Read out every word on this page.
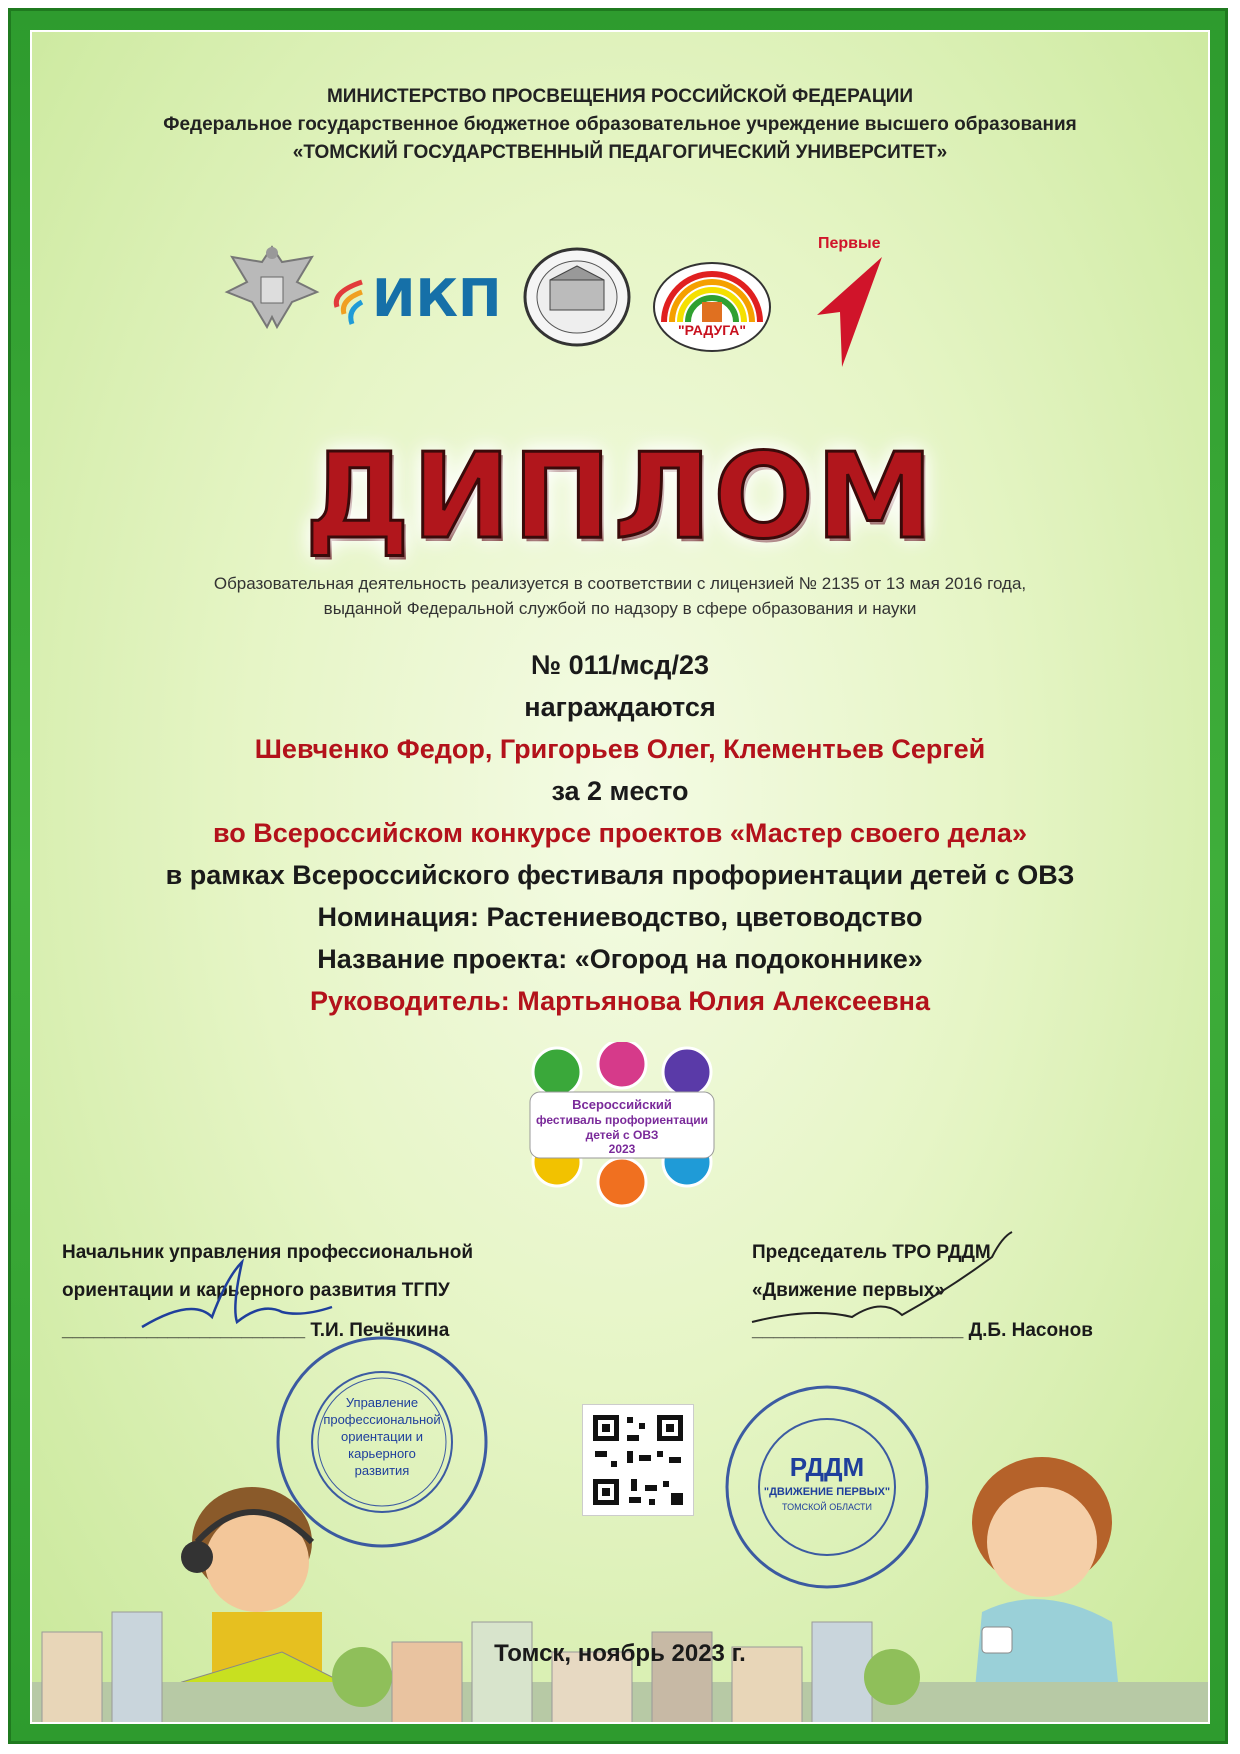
МИНИСТЕРСТВО ПРОСВЕЩЕНИЯ РОССИЙСКОЙ ФЕДЕРАЦИИ
Федеральное государственное бюджетное образовательное учреждение высшего образования
«ТОМСКИЙ ГОСУДАРСТВЕННЫЙ ПЕДАГОГИЧЕСКИЙ УНИВЕРСИТЕТ»
ИКП
"РАДУГА"
Первые
ДИПЛОМ
Образовательная деятельность реализуется в соответствии с лицензией № 2135 от 13 мая 2016 года,
выданной Федеральной службой по надзору в сфере образования и науки
№ 011/мсд/23
награждаются
Шевченко Федор, Григорьев Олег, Клементьев Сергей
за 2 место
во Всероссийском конкурсе проектов «Мастер своего дела»
в рамках Всероссийского фестиваля профориентации детей с ОВЗ
Номинация: Растениеводство, цветоводство
Название проекта: «Огород на подоконнике»
Руководитель: Мартьянова Юлия Алексеевна
Всероссийский
фестиваль профориентации
детей с ОВЗ
2023
Начальник управления профессиональной
ориентации и карьерного развития ТГПУ
_______________________ Т.И. Печёнкина
Председатель ТРО РДДМ
«Движение первых»
____________________ Д.Б. Насонов
Управление
профессиональной
ориентации и
карьерного
развития	РДДМ
"ДВИЖЕНИЕ ПЕРВЫХ"
ТОМСКОЙ ОБЛАСТИ
Томск, ноябрь 2023 г.
